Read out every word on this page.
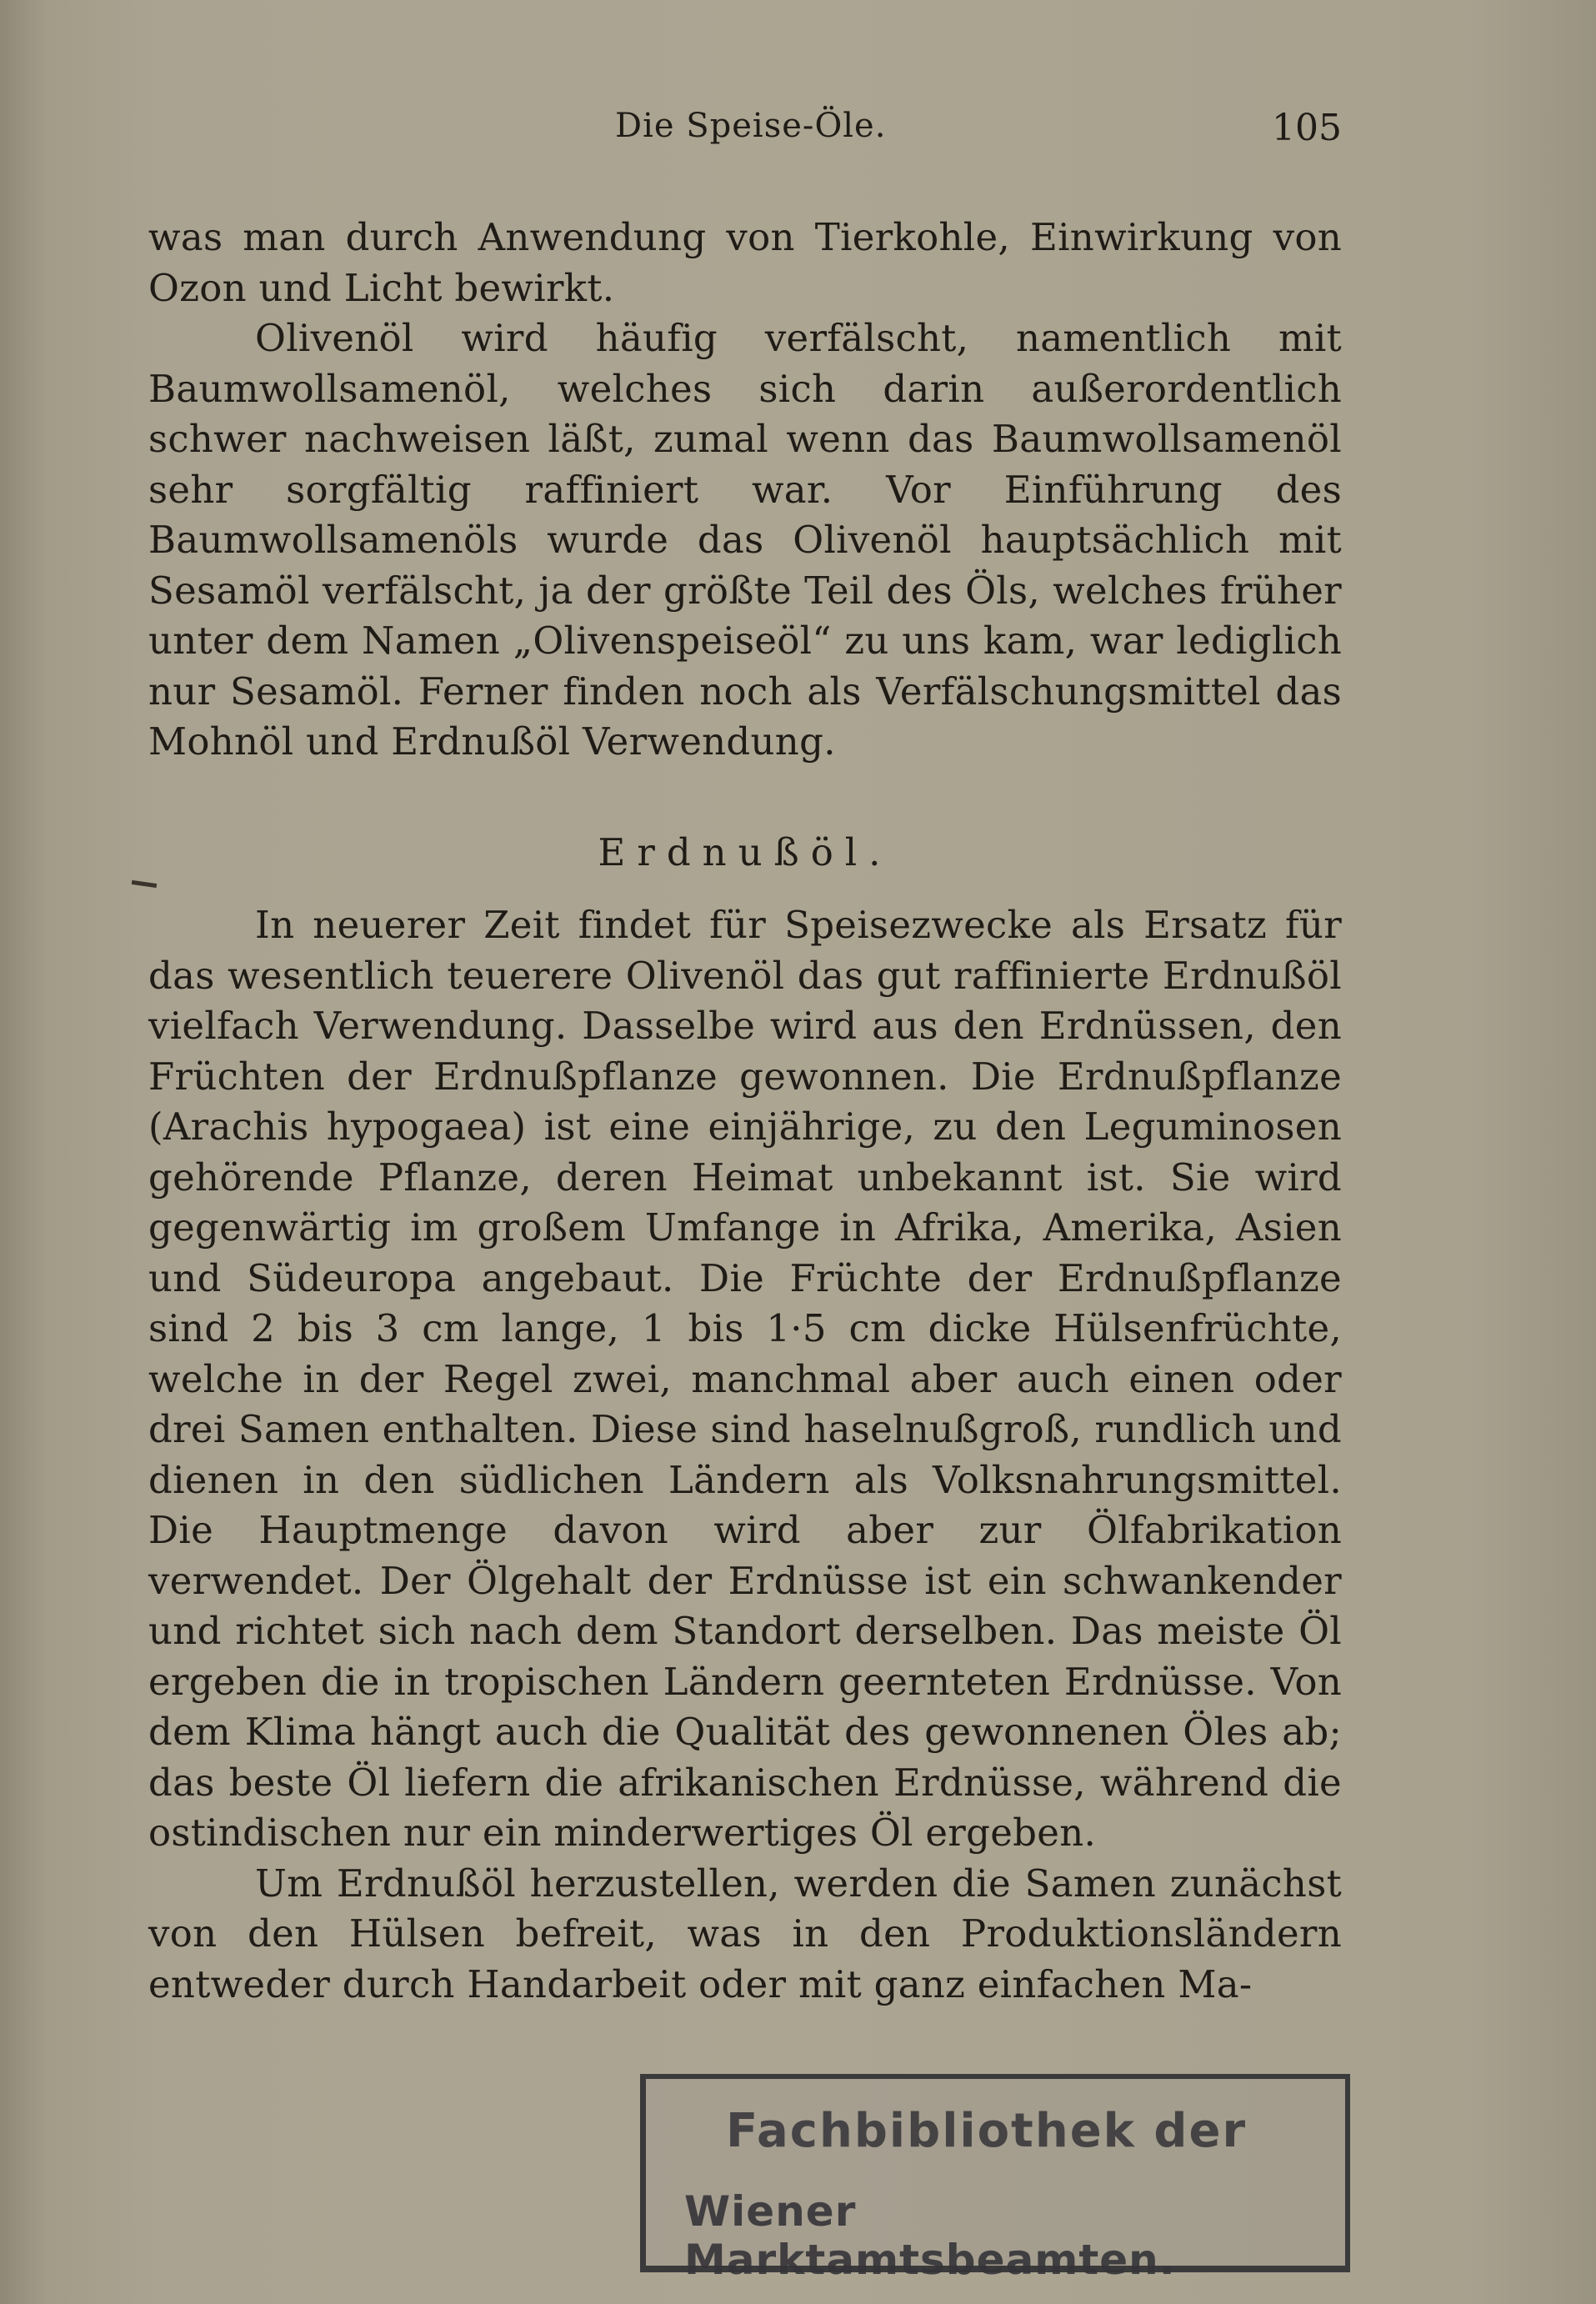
Die Speise-Öle.	105

was man durch Anwendung von Tierkohle, Einwirkung von Ozon und Licht bewirkt.

Olivenöl wird häufig verfälscht, namentlich mit Baumwollsamenöl, welches sich darin außerordentlich schwer nachweisen läßt, zumal wenn das Baumwollsamenöl sehr sorgfältig raffiniert war. Vor Einführung des Baumwollsamenöls wurde das Olivenöl hauptsächlich mit Sesamöl verfälscht, ja der größte Teil des Öls, welches früher unter dem Namen „Olivenspeiseöl“ zu uns kam, war lediglich nur Sesamöl. Ferner finden noch als Verfälschungsmittel das Mohnöl und Erdnußöl Verwendung.

Erdnußöl.

In neuerer Zeit findet für Speisezwecke als Ersatz für das wesentlich teuerere Olivenöl das gut raffinierte Erdnußöl vielfach Verwendung. Dasselbe wird aus den Erdnüssen, den Früchten der Erdnußpflanze gewonnen. Die Erdnußpflanze (Arachis hypogaea) ist eine einjährige, zu den Leguminosen gehörende Pflanze, deren Heimat unbekannt ist. Sie wird gegenwärtig im großem Umfange in Afrika, Amerika, Asien und Südeuropa angebaut. Die Früchte der Erdnußpflanze sind 2 bis 3 cm lange, 1 bis 1·5 cm dicke Hülsenfrüchte, welche in der Regel zwei, manchmal aber auch einen oder drei Samen enthalten. Diese sind haselnußgroß, rundlich und dienen in den südlichen Ländern als Volksnahrungsmittel. Die Hauptmenge davon wird aber zur Ölfabrikation verwendet. Der Ölgehalt der Erdnüsse ist ein schwankender und richtet sich nach dem Standort derselben. Das meiste Öl ergeben die in tropischen Ländern geernteten Erdnüsse. Von dem Klima hängt auch die Qualität des gewonnenen Öles ab; das beste Öl liefern die afrikanischen Erdnüsse, während die ostindischen nur ein minderwertiges Öl ergeben.

Um Erdnußöl herzustellen, werden die Samen zunächst von den Hülsen befreit, was in den Produktionsländern entweder durch Handarbeit oder mit ganz einfachen Ma-

Fachbibliothek der
Wiener Marktamtsbeamten.
